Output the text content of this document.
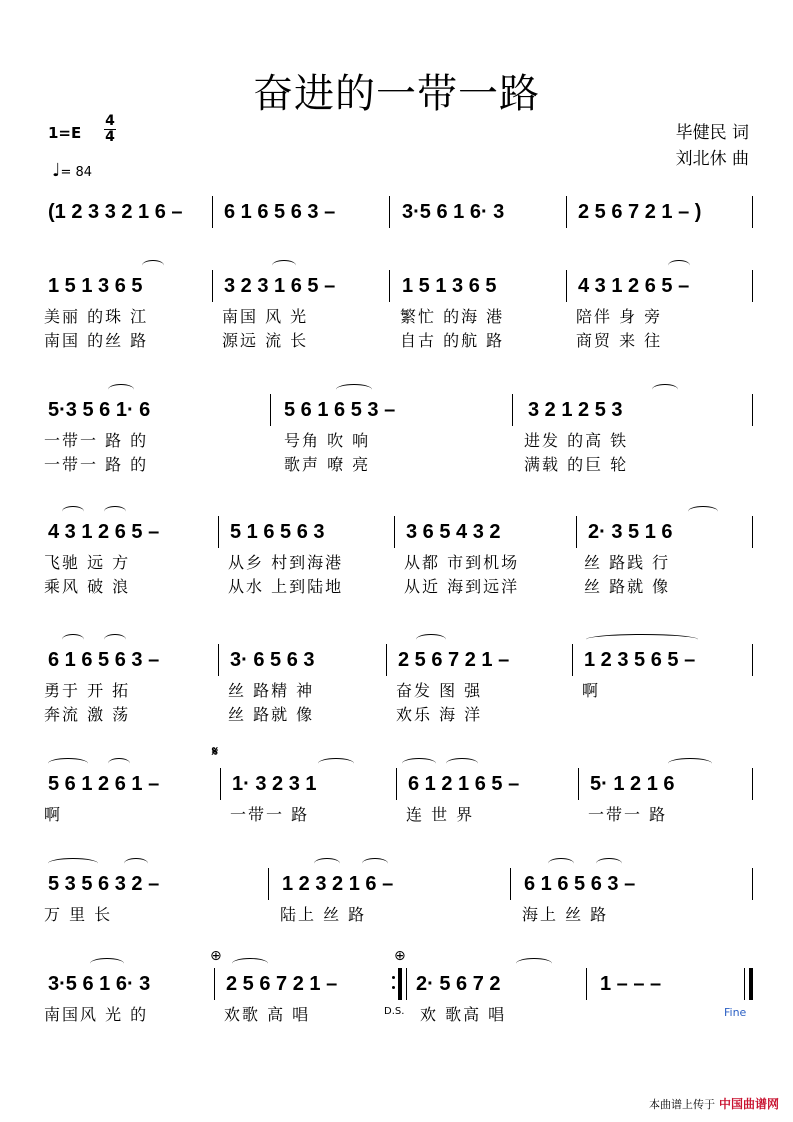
奋进的一带一路
1=E
4
4
♩= 84
毕健民 词
刘北休 曲
(1 2 3 3 2 1 6 –	6 1 6 5 6 3 –	3·5 6 1 6· 3	2 5 6 7 2 1 – )
1 5 1 3 6 5	3 2 3 1 6 5 –	1 5 1 3 6 5	4 3 1 2 6 5 –
美丽 的珠 江	南国 风 光	繁忙 的海 港	陪伴 身 旁
南国 的丝 路	源远 流 长	自古 的航 路	商贸 来 往
5·3 5 6 1· 6	5 6 1 6 5 3 –	3 2 1 2 5 3
一带一 路 的	号角 吹 响	进发 的高 铁
一带一 路 的	歌声 嘹 亮	满载 的巨 轮
4 3 1 2 6 5 –	5 1 6 5 6 3	3 6 5 4 3 2	2· 3 5 1 6
飞驰 远 方	从乡 村到海港	从都 市到机场	丝 路践 行
乘风 破 浪	从水 上到陆地	从近 海到远洋	丝 路就 像
6 1 6 5 6 3 –	3· 6 5 6 3	2 5 6 7 2 1 –	1 2 3 5 6 5 –
勇于 开 拓	丝 路精 神	奋发 图 强	啊
奔流 激 荡	丝 路就 像	欢乐 海 洋
𝄋
5 6 1 2 6 1 –	1· 3 2 3 1	6 1 2 1 6 5 –	5· 1 2 1 6
啊	一带一 路	连 世 界	一带一 路
5 3 5 6 3 2 –	1 2 3 2 1 6 –	6 1 6 5 6 3 –
万 里 长	陆上 丝 路	海上 丝 路
⊕	⊕
3·5 6 1 6· 3	2 5 6 7 2 1 –	2· 5 6 7 2	1 – – –
南国风 光 的	欢歌 高 唱	D.S. 欢 歌高 唱	Fine
本曲谱上传于 中国曲谱网
